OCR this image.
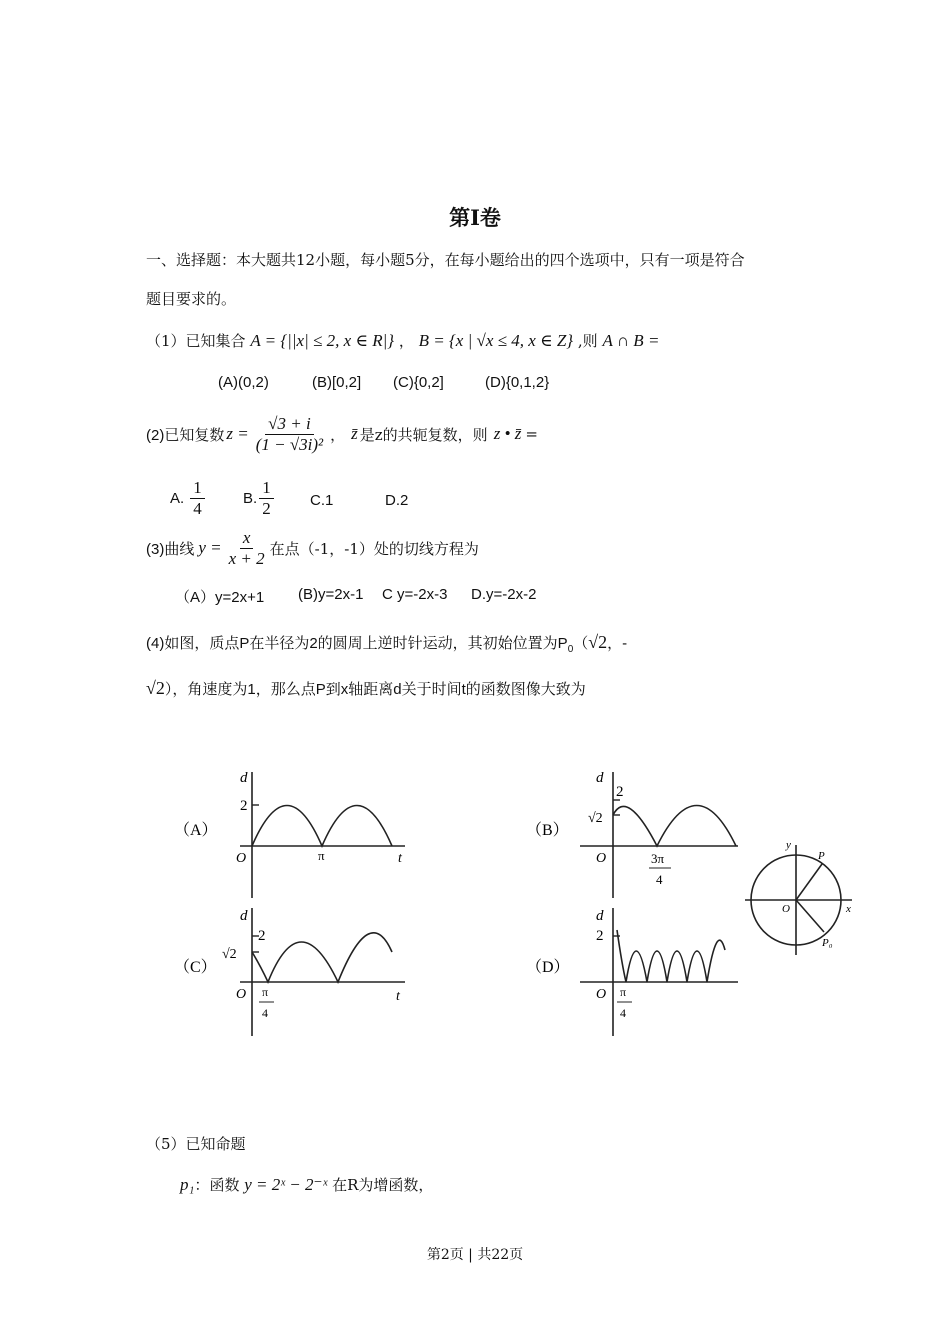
第I卷
一、选择题：本大题共12小题，每小题5分，在每小题给出的四个选项中，只有一项是符合
题目要求的。
（1）已知集合 A = {||x| ≤ 2, x ∈ R|} ， B = {x | √x ≤ 4, x ∈ Z} ,则 A ∩ B =
(A)(0,2)	(B)[0,2] (C){0,2]	(D){0,1,2}
(2)已知复数 $z = \frac{√3 + i}{\text{(1 − √3i)²}}$ ， z̄ 是z的共轭复数，则 z • z̄ =
A. $\frac{1}{4}$	B. $\frac{1}{2} C.1$	D.2
(3)曲线 $y = \frac{x}{x + 2}$ 在点（-1，-1）处的切线方程为
（A）y=2x+1 (B)y=2x-1 C y=-2x-3 D.y=-2x-2
(4)如图，质点P在半径为2的圆周上逆时针运动，其初始位置为$P_0(√2$，-
√2），角速度为1，那么点P到x轴距离d关于时间t的函数图像大致为
（A）
d
2
O	π	t
（B）
d
2
√2
O	3π
4
（C）
d
2
√2
O π
4
t
（D）
d
2
O π
4
y
x
P
P₀
O
（5）已知命题
p₁：函数 y = 2ˣ − 2⁻ˣ 在R为增函数，
第2页 | 共22页
